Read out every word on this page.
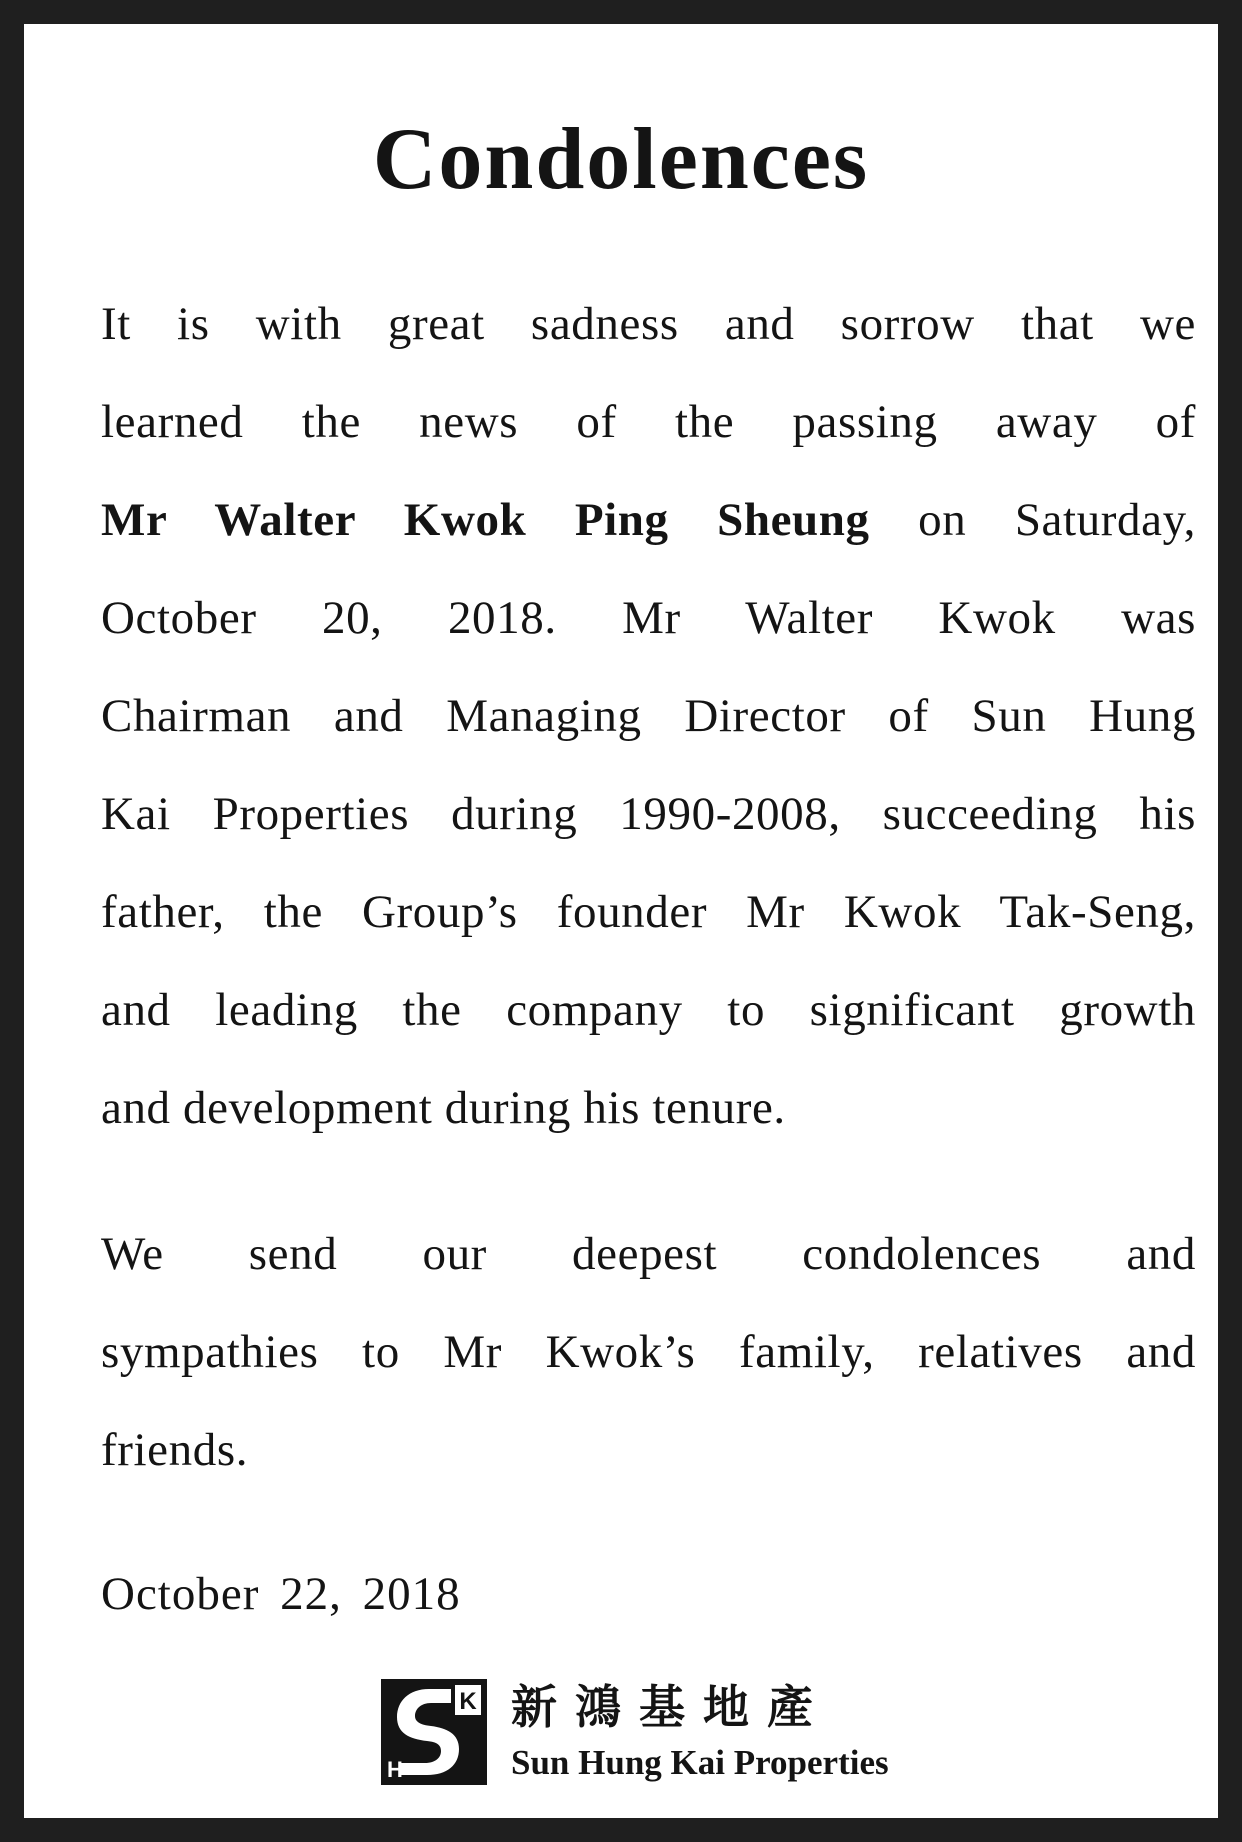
Condolences
It is with great sadness and sorrow that we
learned the news of the passing away of
Mr Walter Kwok Ping Sheung on Saturday,
October 20, 2018. Mr Walter Kwok was
Chairman and Managing Director of Sun Hung
Kai Properties during 1990-2008, succeeding his
father, the Group’s founder Mr Kwok Tak-Seng,
and leading the company to significant growth
and development during his tenure.
We send our deepest condolences and
sympathies to Mr Kwok’s family, relatives and
friends.
October 22, 2018
K
H
新鴻基地產
Sun Hung Kai Properties
